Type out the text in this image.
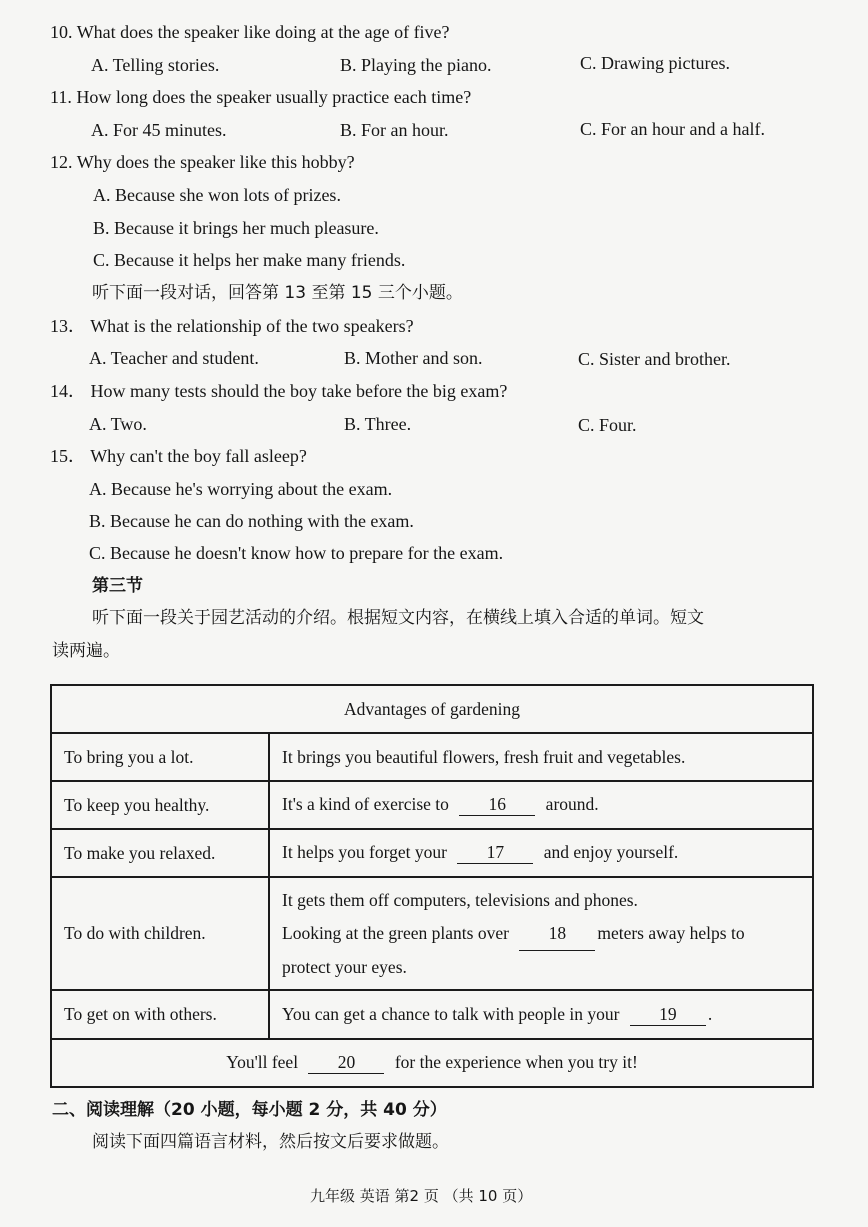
10. What does the speaker like doing at the age of five?
A. Telling stories.	B. Playing the piano.	C. Drawing pictures.
11. How long does the speaker usually practice each time?
A. For 45 minutes.	B. For an hour.	C. For an hour and a half.
12. Why does the speaker like this hobby?
A. Because she won lots of prizes.
B. Because it brings her much pleasure.
C. Because it helps her make many friends.
听下面一段对话，回答第 13 至第 15 三个小题。
13． What is the relationship of the two speakers?
A. Teacher and student.	B. Mother and son.	C. Sister and brother.
14． How many tests should the boy take before the big exam?
A. Two.	B. Three.	C. Four.
15． Why can't the boy fall asleep?
A. Because he's worrying about the exam.
B. Because he can do nothing with the exam.
C. Because he doesn't know how to prepare for the exam.
第三节
听下面一段关于园艺活动的介绍。根据短文内容，在横线上填入合适的单词。短文
读两遍。
Advantages of gardening	
To bring you a lot.	It brings you beautiful flowers, fresh fruit and vegetables.
To keep you healthy.	It's a kind of exercise to 16 around.
To make you relaxed.	It helps you forget your 17 and enjoy yourself.
To do with children.	It gets them off computers, televisions and phones.
Looking at the green plants over 18 meters away helps to
protect your eyes.

To get on with others.	You can get a chance to talk with people in your 19 .
You'll feel 20 for the experience when you try it!	
二、阅读理解（20 小题，每小题 2 分，共 40 分）
阅读下面四篇语言材料，然后按文后要求做题。
九年级 英语 第2 页 （共 10 页）
